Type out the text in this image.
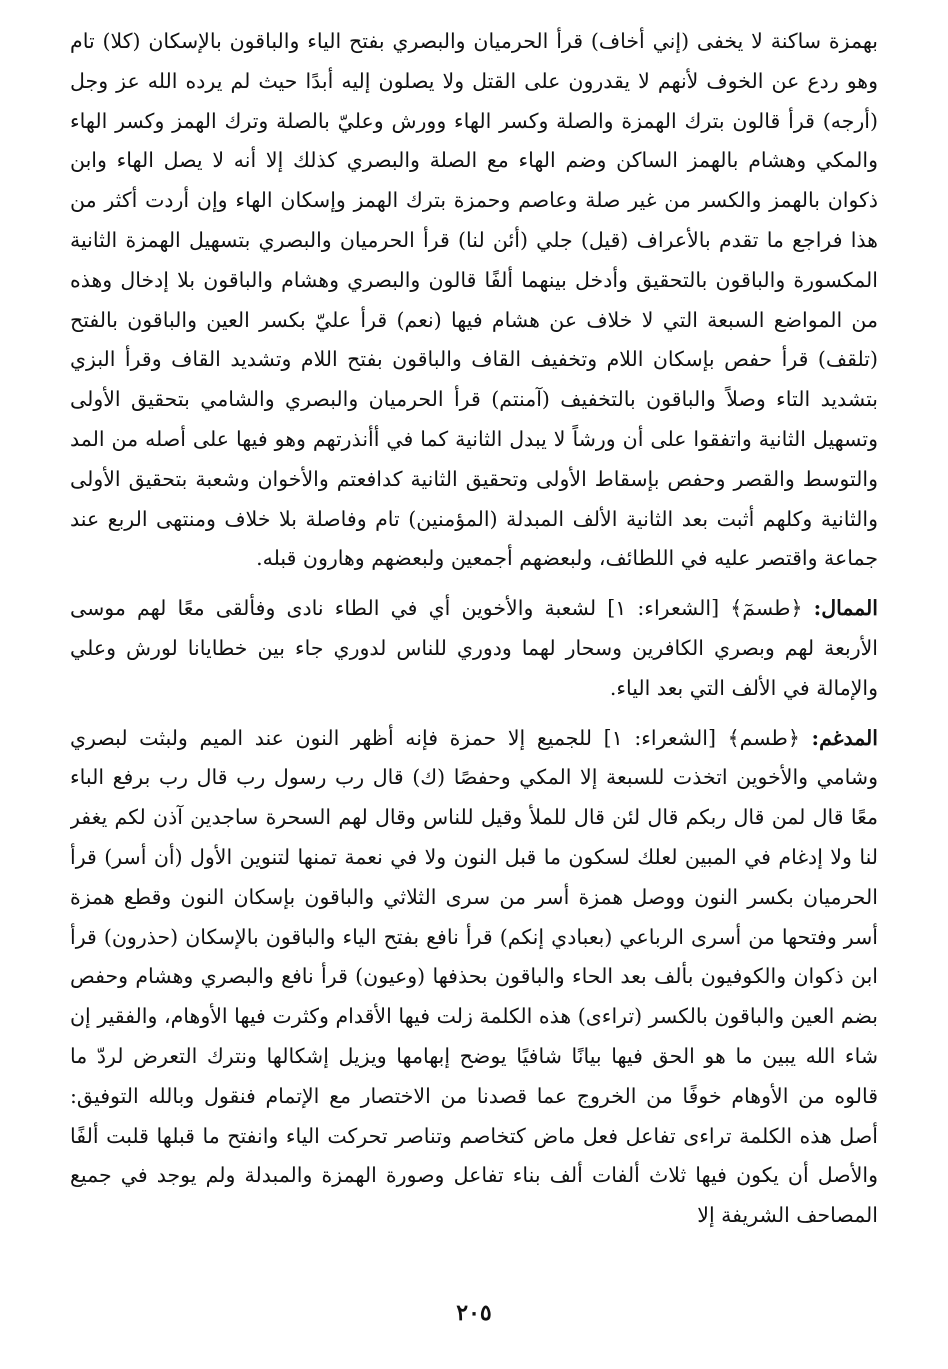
بهمزة ساكنة لا يخفى (إني أخاف) قرأ الحرميان والبصري بفتح الياء والباقون بالإسكان (كلا) تام وهو ردع عن الخوف لأنهم لا يقدرون على القتل ولا يصلون إليه أبدًا حيث لم يرده الله عز وجل (أرجه) قرأ قالون بترك الهمزة والصلة وكسر الهاء وورش وعليّ بالصلة وترك الهمز وكسر الهاء والمكي وهشام بالهمز الساكن وضم الهاء مع الصلة والبصري كذلك إلا أنه لا يصل الهاء وابن ذكوان بالهمز والكسر من غير صلة وعاصم وحمزة بترك الهمز وإسكان الهاء وإن أردت أكثر من هذا فراجع ما تقدم بالأعراف (قيل) جلي (أئن لنا) قرأ الحرميان والبصري بتسهيل الهمزة الثانية المكسورة والباقون بالتحقيق وأدخل بينهما ألفًا قالون والبصري وهشام والباقون بلا إدخال وهذه من المواضع السبعة التي لا خلاف عن هشام فيها (نعم) قرأ عليّ بكسر العين والباقون بالفتح (تلقف) قرأ حفص بإسكان اللام وتخفيف القاف والباقون بفتح اللام وتشديد القاف وقرأ البزي بتشديد التاء وصلاً والباقون بالتخفيف (آمنتم) قرأ الحرميان والبصري والشامي بتحقيق الأولى وتسهيل الثانية واتفقوا على أن ورشاً لا يبدل الثانية كما في أأنذرتهم وهو فيها على أصله من المد والتوسط والقصر وحفص بإسقاط الأولى وتحقيق الثانية كدافعتم والأخوان وشعبة بتحقيق الأولى والثانية وكلهم أثبت بعد الثانية الألف المبدلة (المؤمنين) تام وفاصلة بلا خلاف ومنتهى الربع عند جماعة واقتصر عليه في اللطائف، ولبعضهم أجمعين ولبعضهم وهارون قبله.

الممال: ﴿طسمٓ﴾ [الشعراء: ١] لشعبة والأخوين أي في الطاء نادى وفألقى معًا لهم موسى الأربعة لهم وبصري الكافرين وسحار لهما ودوري للناس لدوري جاء بين خطايانا لورش وعلي والإمالة في الألف التي بعد الياء.

المدغم: ﴿طسم﴾ [الشعراء: ١] للجميع إلا حمزة فإنه أظهر النون عند الميم ولبثت لبصري وشامي والأخوين اتخذت للسبعة إلا المكي وحفصًا (ك) قال رب رسول رب قال رب برفع الباء معًا قال لمن قال ربكم قال لئن قال للملأ وقيل للناس وقال لهم السحرة ساجدين آذن لكم يغفر لنا ولا إدغام في المبين لعلك لسكون ما قبل النون ولا في نعمة تمنها لتنوين الأول (أن أسر) قرأ الحرميان بكسر النون ووصل همزة أسر من سرى الثلاثي والباقون بإسكان النون وقطع همزة أسر وفتحها من أسرى الرباعي (بعبادي إنكم) قرأ نافع بفتح الياء والباقون بالإسكان (حذرون) قرأ ابن ذكوان والكوفيون بألف بعد الحاء والباقون بحذفها (وعيون) قرأ نافع والبصري وهشام وحفص بضم العين والباقون بالكسر (تراءى) هذه الكلمة زلت فيها الأقدام وكثرت فيها الأوهام، والفقير إن شاء الله يبين ما هو الحق فيها بيانًا شافيًا يوضح إبهامها ويزيل إشكالها ونترك التعرض لردّ ما قالوه من الأوهام خوفًا من الخروج عما قصدنا من الاختصار مع الإتمام فنقول وبالله التوفيق: أصل هذه الكلمة تراءى تفاعل فعل ماض كتخاصم وتناصر تحركت الياء وانفتح ما قبلها قلبت ألفًا والأصل أن يكون فيها ثلاث ألفات ألف بناء تفاعل وصورة الهمزة والمبدلة ولم يوجد في جميع المصاحف الشريفة إلا

٢٠٥
